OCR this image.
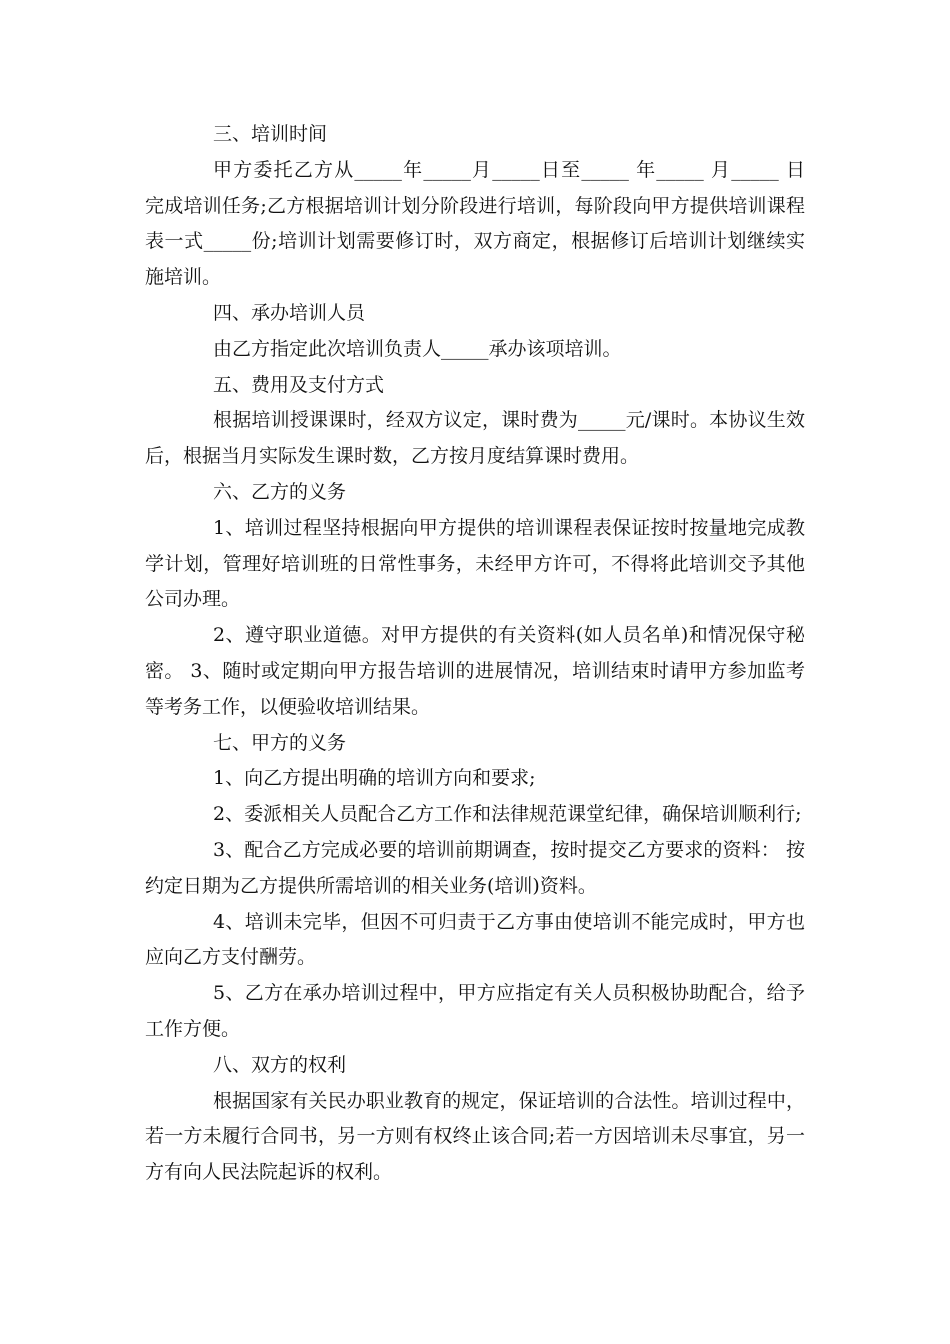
三、培训时间
甲方委托乙方从_____年_____月_____日至_____ 年_____ 月_____ 日
完成培训任务;乙方根据培训计划分阶段进行培训，每阶段向甲方提供培训课程
表一式_____份;培训计划需要修订时，双方商定，根据修订后培训计划继续实
施培训。
四、承办培训人员
由乙方指定此次培训负责人_____承办该项培训。
五、费用及支付方式
根据培训授课课时，经双方议定，课时费为_____元/课时。本协议生效
后，根据当月实际发生课时数，乙方按月度结算课时费用。
六、乙方的义务
1、培训过程坚持根据向甲方提供的培训课程表保证按时按量地完成教
学计划，管理好培训班的日常性事务，未经甲方许可，不得将此培训交予其他
公司办理。
2、遵守职业道德。对甲方提供的有关资料(如人员名单)和情况保守秘
密。 3、随时或定期向甲方报告培训的进展情况，培训结束时请甲方参加监考
等考务工作，以便验收培训结果。
七、甲方的义务
1、向乙方提出明确的培训方向和要求;
2、委派相关人员配合乙方工作和法律规范课堂纪律，确保培训顺利行;
3、配合乙方完成必要的培训前期调查，按时提交乙方要求的资料： 按
约定日期为乙方提供所需培训的相关业务(培训)资料。
4、培训未完毕，但因不可归责于乙方事由使培训不能完成时，甲方也
应向乙方支付酬劳。
5、乙方在承办培训过程中，甲方应指定有关人员积极协助配合，给予
工作方便。
八、双方的权利
根据国家有关民办职业教育的规定，保证培训的合法性。培训过程中，
若一方未履行合同书，另一方则有权终止该合同;若一方因培训未尽事宜，另一
方有向人民法院起诉的权利。
